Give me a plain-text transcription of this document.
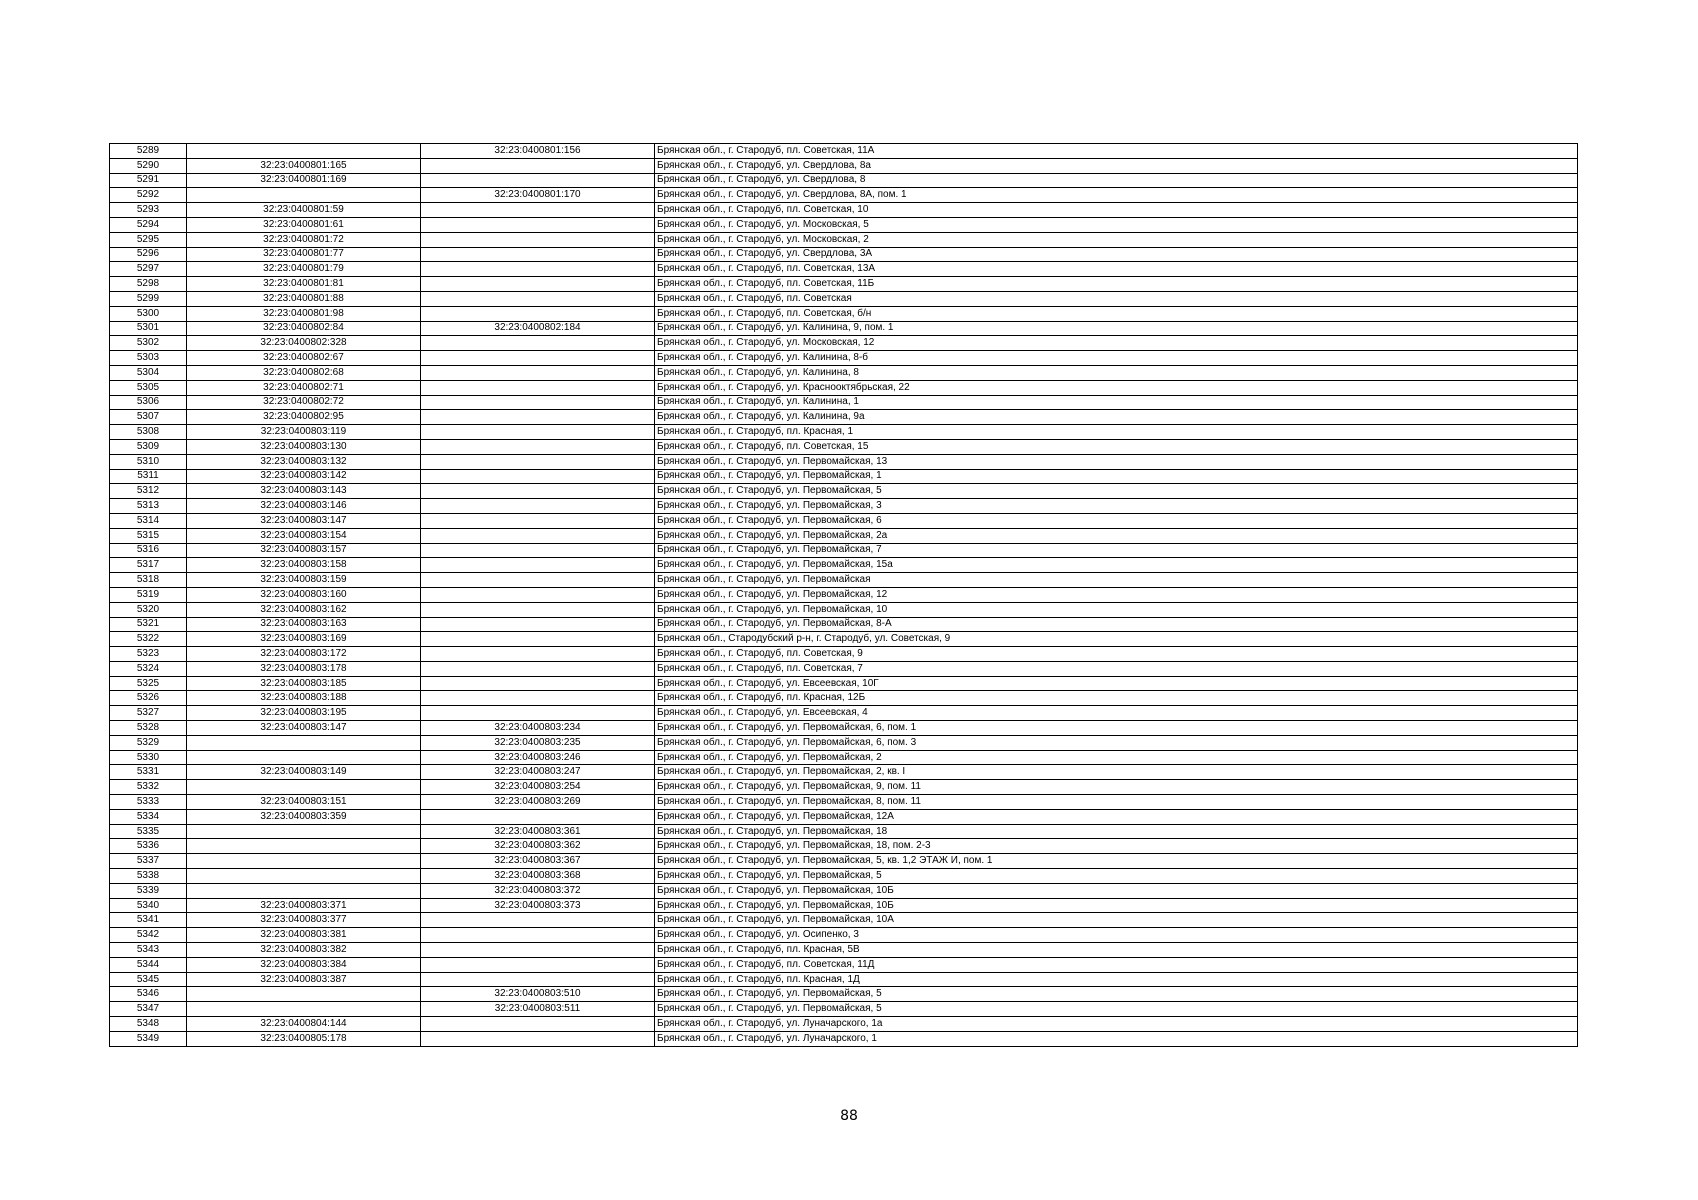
5289		32:23:0400801:156	Брянская обл., г. Стародуб, пл. Советская, 11А
5290	32:23:0400801:165		Брянская обл., г. Стародуб, ул. Свердлова, 8а
5291	32:23:0400801:169		Брянская обл., г. Стародуб, ул. Свердлова, 8
5292		32:23:0400801:170	Брянская обл., г. Стародуб, ул. Свердлова, 8А, пом. 1
5293	32:23:0400801:59		Брянская обл., г. Стародуб, пл. Советская, 10
5294	32:23:0400801:61		Брянская обл., г. Стародуб, ул. Московская, 5
5295	32:23:0400801:72		Брянская обл., г. Стародуб, ул. Московская, 2
5296	32:23:0400801:77		Брянская обл., г. Стародуб, ул. Свердлова, 3А
5297	32:23:0400801:79		Брянская обл., г. Стародуб, пл. Советская, 13А
5298	32:23:0400801:81		Брянская обл., г. Стародуб, пл. Советская, 11Б
5299	32:23:0400801:88		Брянская обл., г. Стародуб, пл. Советская
5300	32:23:0400801:98		Брянская обл., г. Стародуб, пл. Советская, б/н
5301	32:23:0400802:84	32:23:0400802:184	Брянская обл., г. Стародуб, ул. Калинина, 9, пом. 1
5302	32:23:0400802:328		Брянская обл., г. Стародуб, ул. Московская, 12
5303	32:23:0400802:67		Брянская обл., г. Стародуб, ул. Калинина, 8-б
5304	32:23:0400802:68		Брянская обл., г. Стародуб, ул. Калинина, 8
5305	32:23:0400802:71		Брянская обл., г. Стародуб, ул. Краснооктябрьская, 22
5306	32:23:0400802:72		Брянская обл., г. Стародуб, ул. Калинина, 1
5307	32:23:0400802:95		Брянская обл., г. Стародуб, ул. Калинина, 9а
5308	32:23:0400803:119		Брянская обл., г. Стародуб, пл. Красная, 1
5309	32:23:0400803:130		Брянская обл., г. Стародуб, пл. Советская, 15
5310	32:23:0400803:132		Брянская обл., г. Стародуб, ул. Первомайская, 13
5311	32:23:0400803:142		Брянская обл., г. Стародуб, ул. Первомайская, 1
5312	32:23:0400803:143		Брянская обл., г. Стародуб, ул. Первомайская, 5
5313	32:23:0400803:146		Брянская обл., г. Стародуб, ул. Первомайская, 3
5314	32:23:0400803:147		Брянская обл., г. Стародуб, ул. Первомайская, 6
5315	32:23:0400803:154		Брянская обл., г. Стародуб, ул. Первомайская, 2а
5316	32:23:0400803:157		Брянская обл., г. Стародуб, ул. Первомайская, 7
5317	32:23:0400803:158		Брянская обл., г. Стародуб, ул. Первомайская, 15а
5318	32:23:0400803:159		Брянская обл., г. Стародуб, ул. Первомайская
5319	32:23:0400803:160		Брянская обл., г. Стародуб, ул. Первомайская, 12
5320	32:23:0400803:162		Брянская обл., г. Стародуб, ул. Первомайская, 10
5321	32:23:0400803:163		Брянская обл., г. Стародуб, ул. Первомайская, 8-А
5322	32:23:0400803:169		Брянская обл., Стародубский р-н, г. Стародуб, ул. Советская, 9
5323	32:23:0400803:172		Брянская обл., г. Стародуб, пл. Советская, 9
5324	32:23:0400803:178		Брянская обл., г. Стародуб, пл. Советская, 7
5325	32:23:0400803:185		Брянская обл., г. Стародуб, ул. Евсеевская, 10Г
5326	32:23:0400803:188		Брянская обл., г. Стародуб, пл. Красная, 12Б
5327	32:23:0400803:195		Брянская обл., г. Стародуб, ул. Евсеевская, 4
5328	32:23:0400803:147	32:23:0400803:234	Брянская обл., г. Стародуб, ул. Первомайская, 6, пом. 1
5329		32:23:0400803:235	Брянская обл., г. Стародуб, ул. Первомайская, 6, пом. 3
5330		32:23:0400803:246	Брянская обл., г. Стародуб, ул. Первомайская, 2
5331	32:23:0400803:149	32:23:0400803:247	Брянская обл., г. Стародуб, ул. Первомайская, 2, кв. I
5332		32:23:0400803:254	Брянская обл., г. Стародуб, ул. Первомайская, 9, пом. 11
5333	32:23:0400803:151	32:23:0400803:269	Брянская обл., г. Стародуб, ул. Первомайская, 8, пом. 11
5334	32:23:0400803:359		Брянская обл., г. Стародуб, ул. Первомайская, 12А
5335		32:23:0400803:361	Брянская обл., г. Стародуб, ул. Первомайская, 18
5336		32:23:0400803:362	Брянская обл., г. Стародуб, ул. Первомайская, 18, пом. 2-3
5337		32:23:0400803:367	Брянская обл., г. Стародуб, ул. Первомайская, 5, кв. 1,2 ЭТАЖ И, пом. 1
5338		32:23:0400803:368	Брянская обл., г. Стародуб, ул. Первомайская, 5
5339		32:23:0400803:372	Брянская обл., г. Стародуб, ул. Первомайская, 10Б
5340	32:23:0400803:371	32:23:0400803:373	Брянская обл., г. Стародуб, ул. Первомайская, 10Б
5341	32:23:0400803:377		Брянская обл., г. Стародуб, ул. Первомайская, 10А
5342	32:23:0400803:381		Брянская обл., г. Стародуб, ул. Осипенко, 3
5343	32:23:0400803:382		Брянская обл., г. Стародуб, пл. Красная, 5В
5344	32:23:0400803:384		Брянская обл., г. Стародуб, пл. Советская, 11Д
5345	32:23:0400803:387		Брянская обл., г. Стародуб, пл. Красная, 1Д
5346		32:23:0400803:510	Брянская обл., г. Стародуб, ул. Первомайская, 5
5347		32:23:0400803:511	Брянская обл., г. Стародуб, ул. Первомайская, 5
5348	32:23:0400804:144		Брянская обл., г. Стародуб, ул. Луначарского, 1а
5349	32:23:0400805:178		Брянская обл., г. Стародуб, ул. Луначарского, 1
88
